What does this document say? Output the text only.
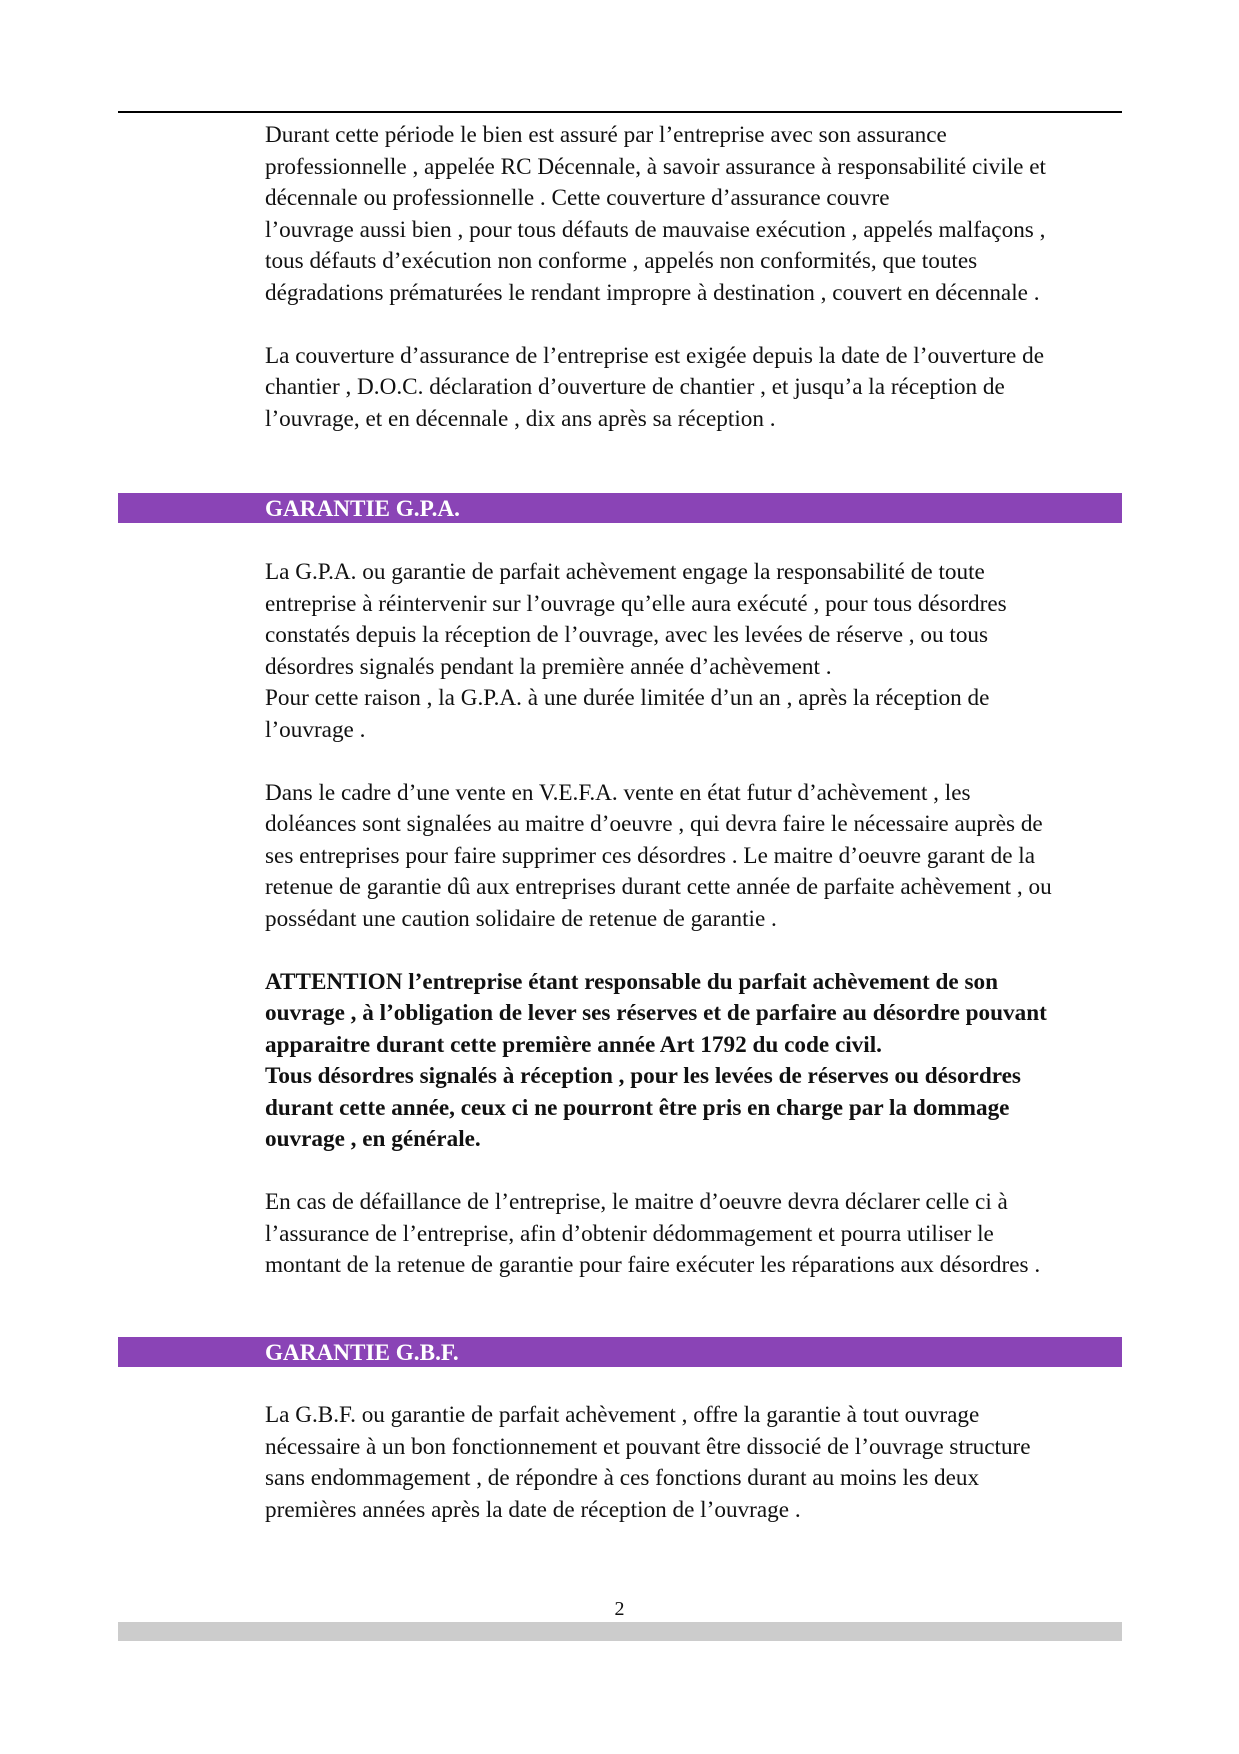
Durant cette période le bien est assuré par l’entreprise avec son assurance
professionnelle , appelée RC Décennale, à savoir assurance à responsabilité civile et
décennale ou professionnelle . Cette couverture d’assurance couvre
l’ouvrage aussi bien , pour tous défauts de mauvaise exécution , appelés malfaçons ,
tous défauts d’exécution non conforme , appelés non conformités, que toutes
dégradations prématurées le rendant impropre à destination , couvert en décennale .

La couverture d’assurance de l’entreprise est exigée depuis la date de l’ouverture de
chantier , D.O.C. déclaration d’ouverture de chantier , et jusqu’a la réception de
l’ouvrage, et en décennale , dix ans après sa réception .

GARANTIE G.P.A.

La G.P.A. ou garantie de parfait achèvement engage la responsabilité de toute
entreprise à réintervenir sur l’ouvrage qu’elle aura exécuté , pour tous désordres
constatés depuis la réception de l’ouvrage, avec les levées de réserve , ou tous
désordres signalés pendant la première année d’achèvement .
Pour cette raison , la G.P.A. à une durée limitée d’un an , après la réception de
l’ouvrage .

Dans le cadre d’une vente en V.E.F.A. vente en état futur d’achèvement , les
doléances sont signalées au maitre d’oeuvre , qui devra faire le nécessaire auprès de
ses entreprises pour faire supprimer ces désordres . Le maitre d’oeuvre garant de la
retenue de garantie dû aux entreprises durant cette année de parfaite achèvement , ou
possédant une caution solidaire de retenue de garantie .

ATTENTION l’entreprise étant responsable du parfait achèvement de son
ouvrage , à l’obligation de lever ses réserves et de parfaire au désordre pouvant
apparaitre durant cette première année Art 1792 du code civil.
Tous désordres signalés à réception , pour les levées de réserves ou désordres
durant cette année, ceux ci ne pourront être pris en charge par la dommage
ouvrage , en générale.

En cas de défaillance de l’entreprise, le maitre d’oeuvre devra déclarer celle ci à
l’assurance de l’entreprise, afin d’obtenir dédommagement et pourra utiliser le
montant de la retenue de garantie pour faire exécuter les réparations aux désordres .

GARANTIE G.B.F.

La G.B.F. ou garantie de parfait achèvement , offre la garantie à tout ouvrage
nécessaire à un bon fonctionnement et pouvant être dissocié de l’ouvrage structure
sans endommagement , de répondre à ces fonctions durant au moins les deux
premières années après la date de réception de l’ouvrage .

2
